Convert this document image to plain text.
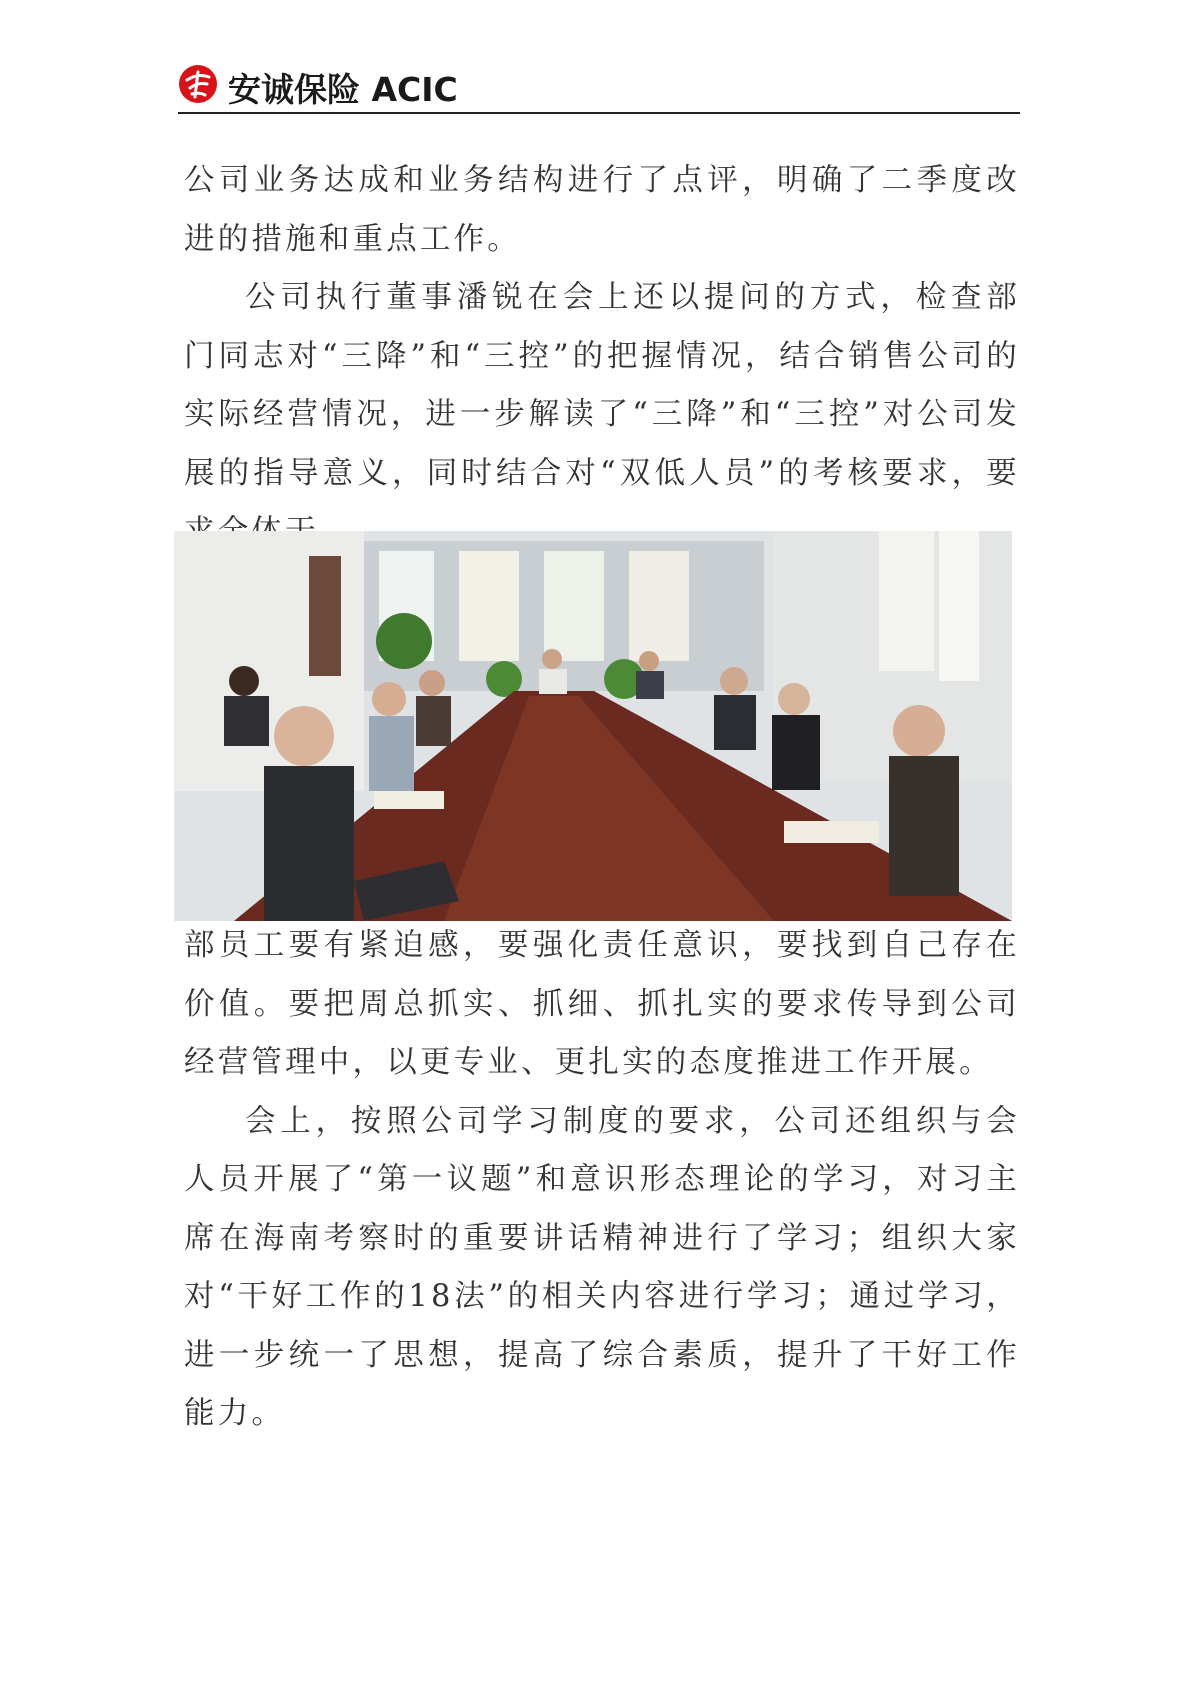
安诚保险 ACIC

公司业务达成和业务结构进行了点评，明确了二季度改进的措施和重点工作。

公司执行董事潘锐在会上还以提问的方式，检查部门同志对“三降”和“三控”的把握情况，结合销售公司的实际经营情况，进一步解读了“三降”和“三控”对公司发展的指导意义，同时结合对“双低人员”的考核要求，要

部员工要有紧迫感，要强化责任意识，要找到自己存在价值。要把周总抓实、抓细、抓扎实的要求传导到公司经营管理中，以更专业、更扎实的态度推进工作开展。

会上，按照公司学习制度的要求，公司还组织与会人员开展了“第一议题”和意识形态理论的学习，对习主席在海南考察时的重要讲话精神进行了学习；组织大家对“干好工作的18法”的相关内容进行学习；通过学习，进一步统一了思想，提高了综合素质，提升了干好工作能力。
